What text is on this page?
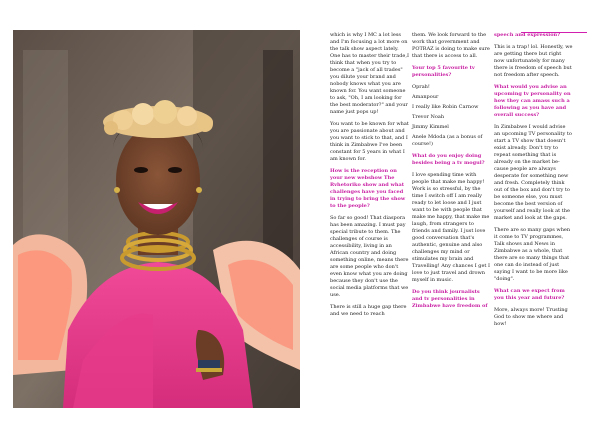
which is why I MC a lot less and I'm focusing a lot more on the talk show aspect lately. One has to master their trade,I think that when you try to become a "jack of all trades" you dilute your brand and nobody knows what you are known for. You want someone to ask, "Oh, I am looking for the best moderator?" and your name just pops up!

You want to be known for what you are passionate about and you want to stick to that, and I think in Zimbabwe I've been constant for 5 years in what I am known for.

How is the reception on your new webshow The Rvhetoriko show and what challenges have you faced in trying to bring the show to the people?

So far so good! That diaspora has been amazing. I must pay special tribute to them. The challenges of course is accessibility, living in an African country and doing something online, means there are some people who don't even know what you are doing because they don't use the social media platforms that we use.

There is still a huge gap there and we need to reach

them. We look forward to the work that government and POTRAZ is doing to make sure that there is access to all.

Your top 5 favourite tv personalities?

Oprah!

Amanpour

I really like Robin Carnow

Trevor Noah

Jimmy Kimmel

Anele Mdoda (as a bonus of course!)

What do you enjoy doing besides being a tv mogul?

I love spending time with people that make me happy! Work is so stressful, by the time I switch off I am really ready to let loose and I just want to be with people that make me happy, that make me laugh, from strangers to friends and family. I just love good conversation that's authentic, genuine and also challenges my mind or stimulates my brain and Travelling! Any chances I get I love to just travel and drown myself in music.

Do you think journalists and tv personalities in Zimbabwe have freedom of

speech and expression?

This is a trap! lol. Honestly, we are getting there but right now unfortunately for many there is freedom of speech but not freedom after speech.

What would you advise an upcoming tv personality on how they can amass such a following as you have and overall success?

In Zimbabwe I would advise an upcoming TV personality to start a TV show that doesn't exist already. Don't try to repeat something that is already on the market be-cause people are always desperate for something new and fresh. Completely think out of the box and don't try to be someone else, you must become the best version of yourself and really look at the market and look at the gaps.

There are so many gaps when it come to TV programmes, Talk shows and News in Zimbabwe as a whole, that there are so many things that one can do instead of just saying I want to be more like "doing".

What can we expect from you this year and future?

More, always more! Trusting God to show me where and how!
